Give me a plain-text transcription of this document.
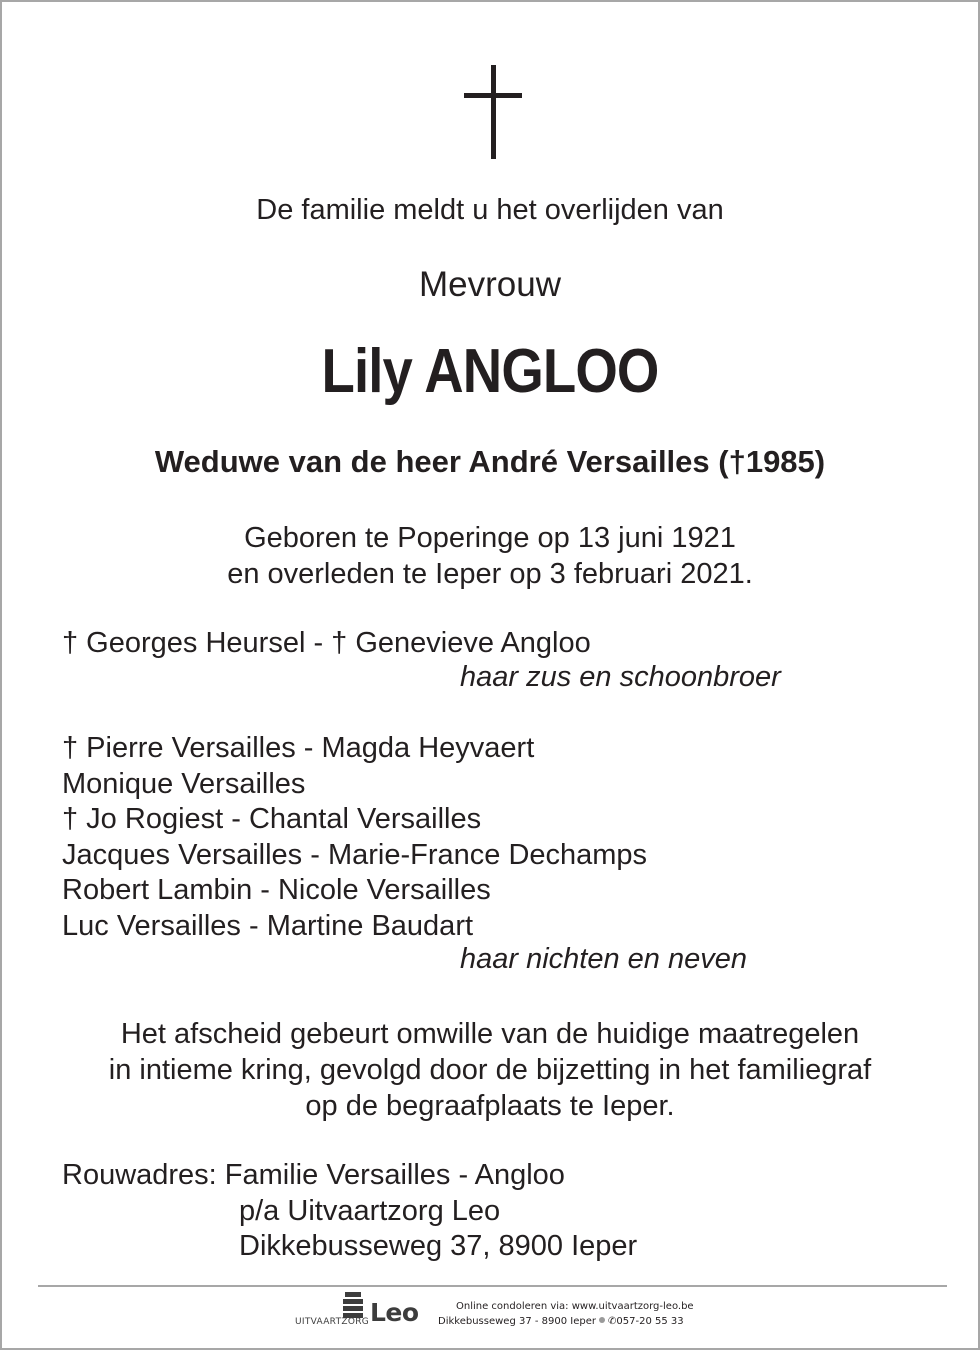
De familie meldt u het overlijden van
Mevrouw
Lily ANGLOO
Weduwe van de heer André Versailles (†1985)
Geboren te Poperinge op 13 juni 1921
en overleden te Ieper op 3 februari 2021.
† Georges Heursel - † Genevieve Angloo
haar zus en schoonbroer
† Pierre Versailles - Magda Heyvaert
Monique Versailles
† Jo Rogiest - Chantal Versailles
Jacques Versailles - Marie-France Dechamps
Robert Lambin - Nicole Versailles
Luc Versailles - Martine Baudart
haar nichten en neven
Het afscheid gebeurt omwille van de huidige maatregelen
in intieme kring, gevolgd door de bijzetting in het familiegraf
op de begraafplaats te Ieper.
Rouwadres: Familie Versailles - Angloo
p/a Uitvaartzorg Leo
Dikkebusseweg 37, 8900 Ieper
UITVAARTZORG Leo	Online condoleren via: www.uitvaartzorg-leo.be
Dikkebusseweg 37 - 8900 Ieper ✆057-20 55 33
